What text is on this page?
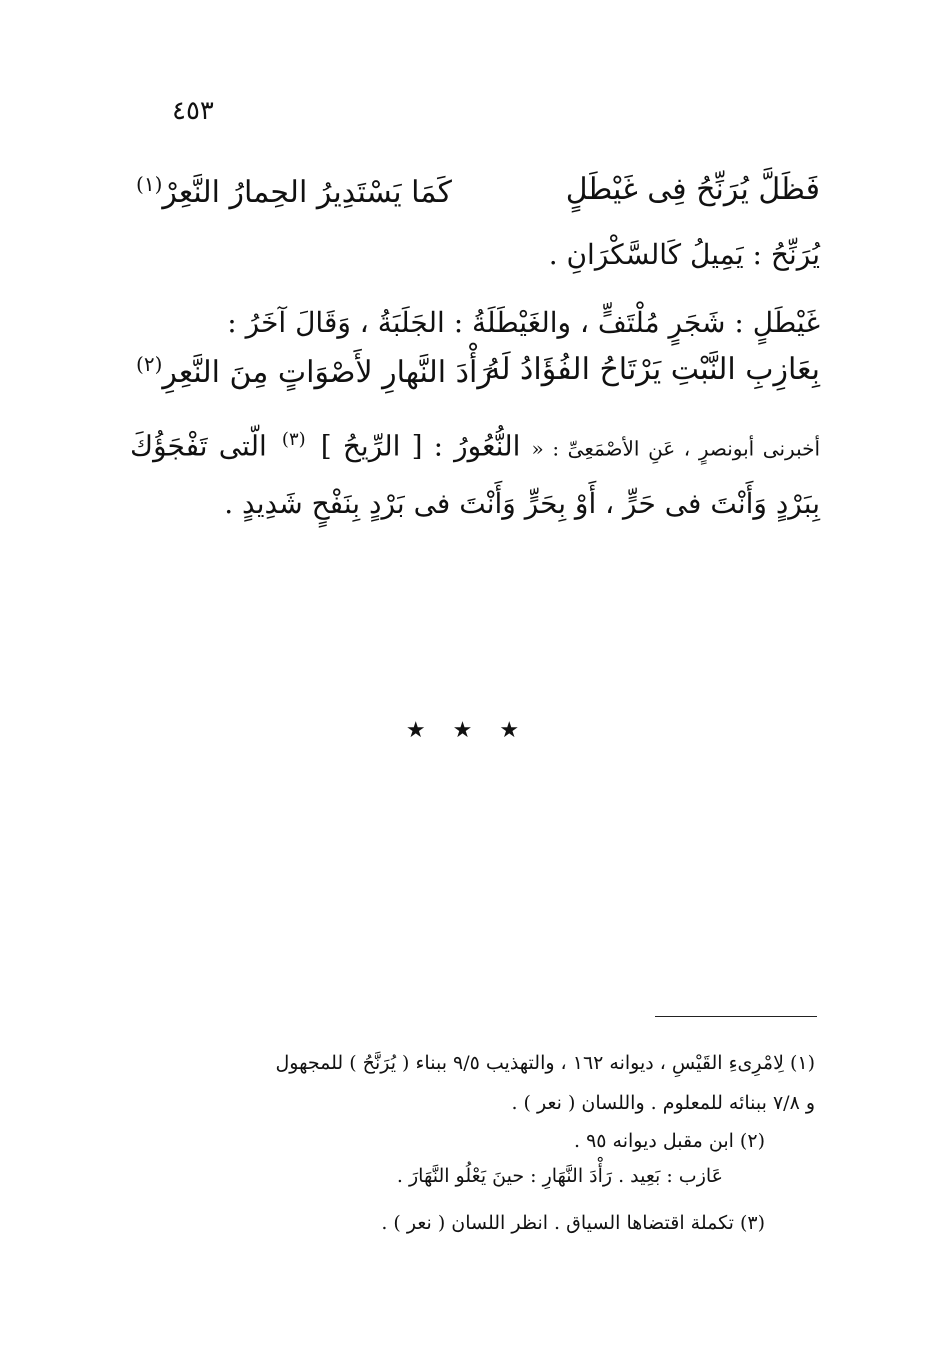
٤٥٣
فَظَلَّ يُرَنِّحُ فِى غَيْطَلٍ
كَمَا يَسْتَدِيرُ الحِمارُ النَّعِرْ$^{(١)}$
يُرَنِّحُ : يَمِيلُ كَالسَّكْرَانِ .
غَيْطَلٍ : شَجَرٍ مُلْتَفٍّ ، والغَيْطَلَةُ : الجَلَبَةُ ، وَقَالَ آخَرُ :
بِعَازِبِ النَّبْتِ يَرْتَاحُ الفُؤَادُ لَهُ
رَأْدَ النَّهارِ لأَصْوَاتٍ مِنَ النَّعِرِ$^{(٢)}$
أخبرنى أبونصرٍ ، عَنِ الأصْمَعِىِّ : « النُّعُورُ : [ الرِّيحُ ] $^{(٣)}$ الّتى تَفْجَؤُكَ بِبَرْدٍ وَأَنْتَ فى حَرٍّ ، أَوْ بِحَرٍّ وَأَنْتَ فى بَرْدٍ بِنَفْحٍ شَدِيدٍ .
★ ★ ★
(١) لِامْرِىءِ القَيْسِ ، ديوانه ١٦٢ ، والتهذيب ٩/٥ ببناء ( يُرَنَّحُ ) للمجهول
و ٧/٨ ببنائه للمعلوم . واللسان ( نعر ) .
(٢) ابن مقبل ديوانه ٩٥ .
عَازب : بَعِيد . رَأْدَ النَّهَارِ : حينَ يَعْلُو النَّهَارَ .
(٣) تكملة اقتضاها السياق . انظر اللسان ( نعر ) .
